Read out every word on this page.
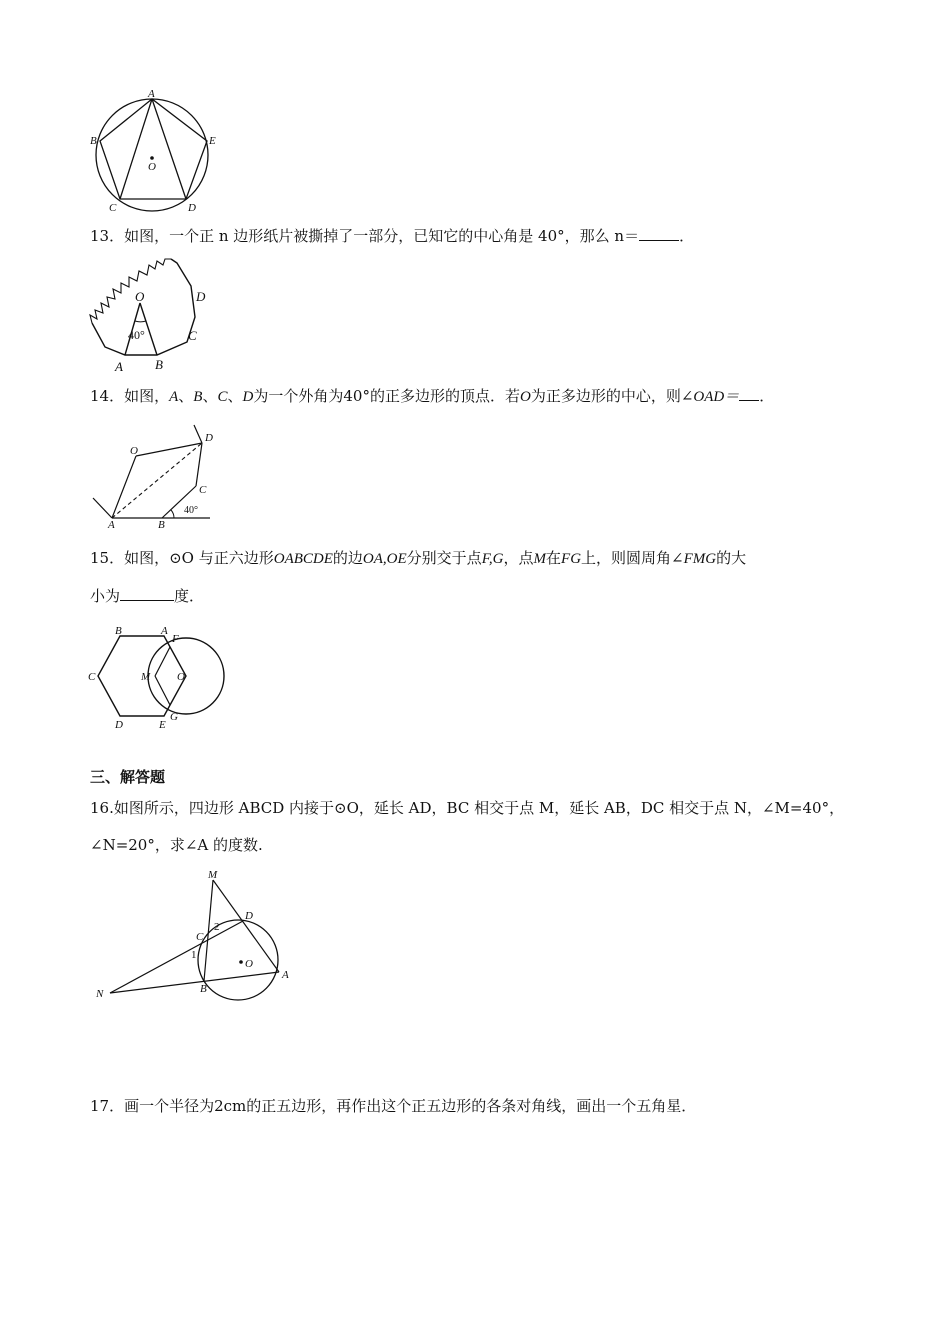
A
B
C	D
E
O
13．如图，一个正 n 边形纸片被撕掉了一部分，已知它的中心角是 40°，那么 n＝	．
O	D
C
B
A
40°
14．如图，A、B、C、D为一个外角为40°的正多边形的顶点．若O为正多边形的中心，则∠OAD＝ ．
O
D
C
A	B
40°
15．如图，⊙O 与正六边形OABCDE的边OA,OE分别交于点F,G，点M在FG上，则圆周角∠FMG的大
小为	度．
B	A
F
C	M O
D	E
G
三、解答题
16.如图所示，四边形 ABCD 内接于⊙O，延长 AD，BC 相交于点 M，延长 AB，DC 相交于点 N，∠M=40°，
∠N=20°，求∠A 的度数.
M
D
C
2
1
O
A
N	B
17．画一个半径为2cm的正五边形，再作出这个正五边形的各条对角线，画出一个五角星．
